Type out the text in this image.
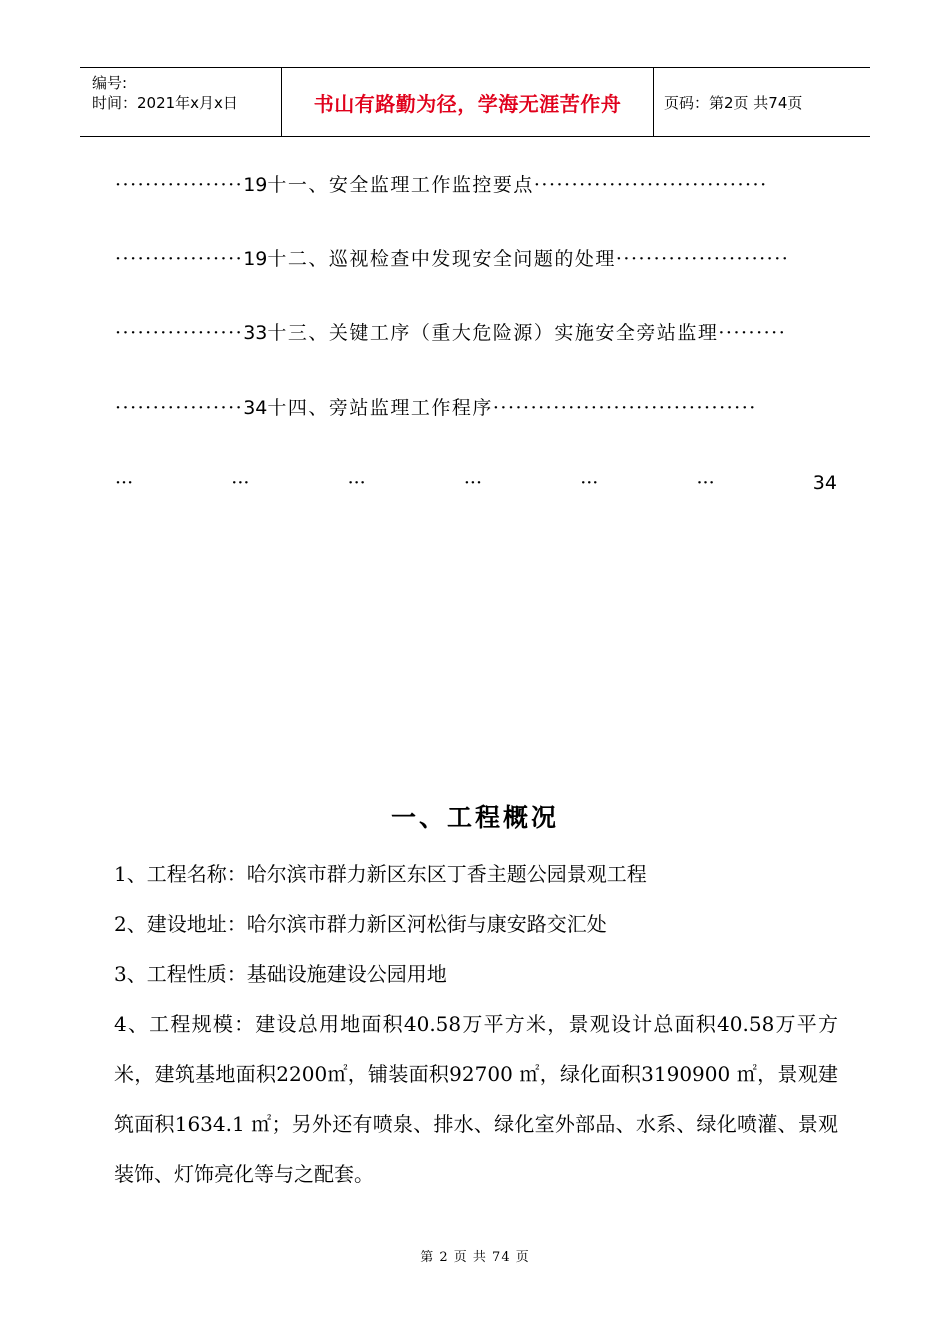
编号:
时间：2021年x月x日	书山有路勤为径，学海无涯苦作舟	页码：第2页 共74页
·················19十一、安全监理工作监控要点·······························
·················19十二、巡视检查中发现安全问题的处理·······················
·················33十三、关键工序（重大危险源）实施安全旁站监理·········
·················34十四、旁站监理工作程序···································
···	···	···	···	···	···	34
一、工程概况

1、工程名称：哈尔滨市群力新区东区丁香主题公园景观工程

2、建设地址：哈尔滨市群力新区河松街与康安路交汇处

3、工程性质：基础设施建设公园用地

4、工程规模：建设总用地面积40.58万平方米，景观设计总面积40.58万平方米，建筑基地面积2200㎡，铺装面积92700 ㎡，绿化面积3190900 ㎡，景观建筑面积1634.1 ㎡；另外还有喷泉、排水、绿化室外部品、水系、绿化喷灌、景观装饰、灯饰亮化等与之配套。

第 2 页 共 74 页
